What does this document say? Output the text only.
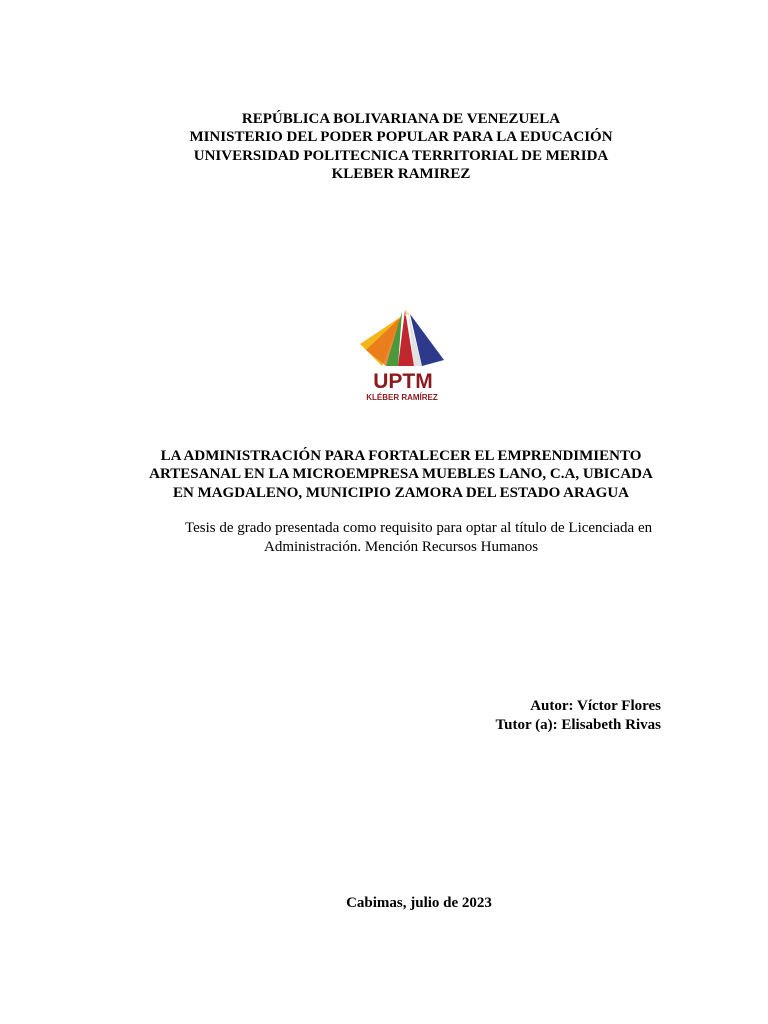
REPÚBLICA BOLIVARIANA DE VENEZUELA
MINISTERIO DEL PODER POPULAR PARA LA EDUCACIÓN
UNIVERSIDAD POLITECNICA TERRITORIAL DE MERIDA
KLEBER RAMIREZ
UPTM
KLÉBER RAMÍREZ
LA ADMINISTRACIÓN PARA FORTALECER EL EMPRENDIMIENTO
ARTESANAL EN LA MICROEMPRESA MUEBLES LANO, C.A, UBICADA
EN MAGDALENO, MUNICIPIO ZAMORA DEL ESTADO ARAGUA
Tesis de grado presentada como requisito para optar al título de Licenciada en
Administración. Mención Recursos Humanos
Autor: Víctor Flores
Tutor (a): Elisabeth Rivas
Cabimas, julio de 2023
